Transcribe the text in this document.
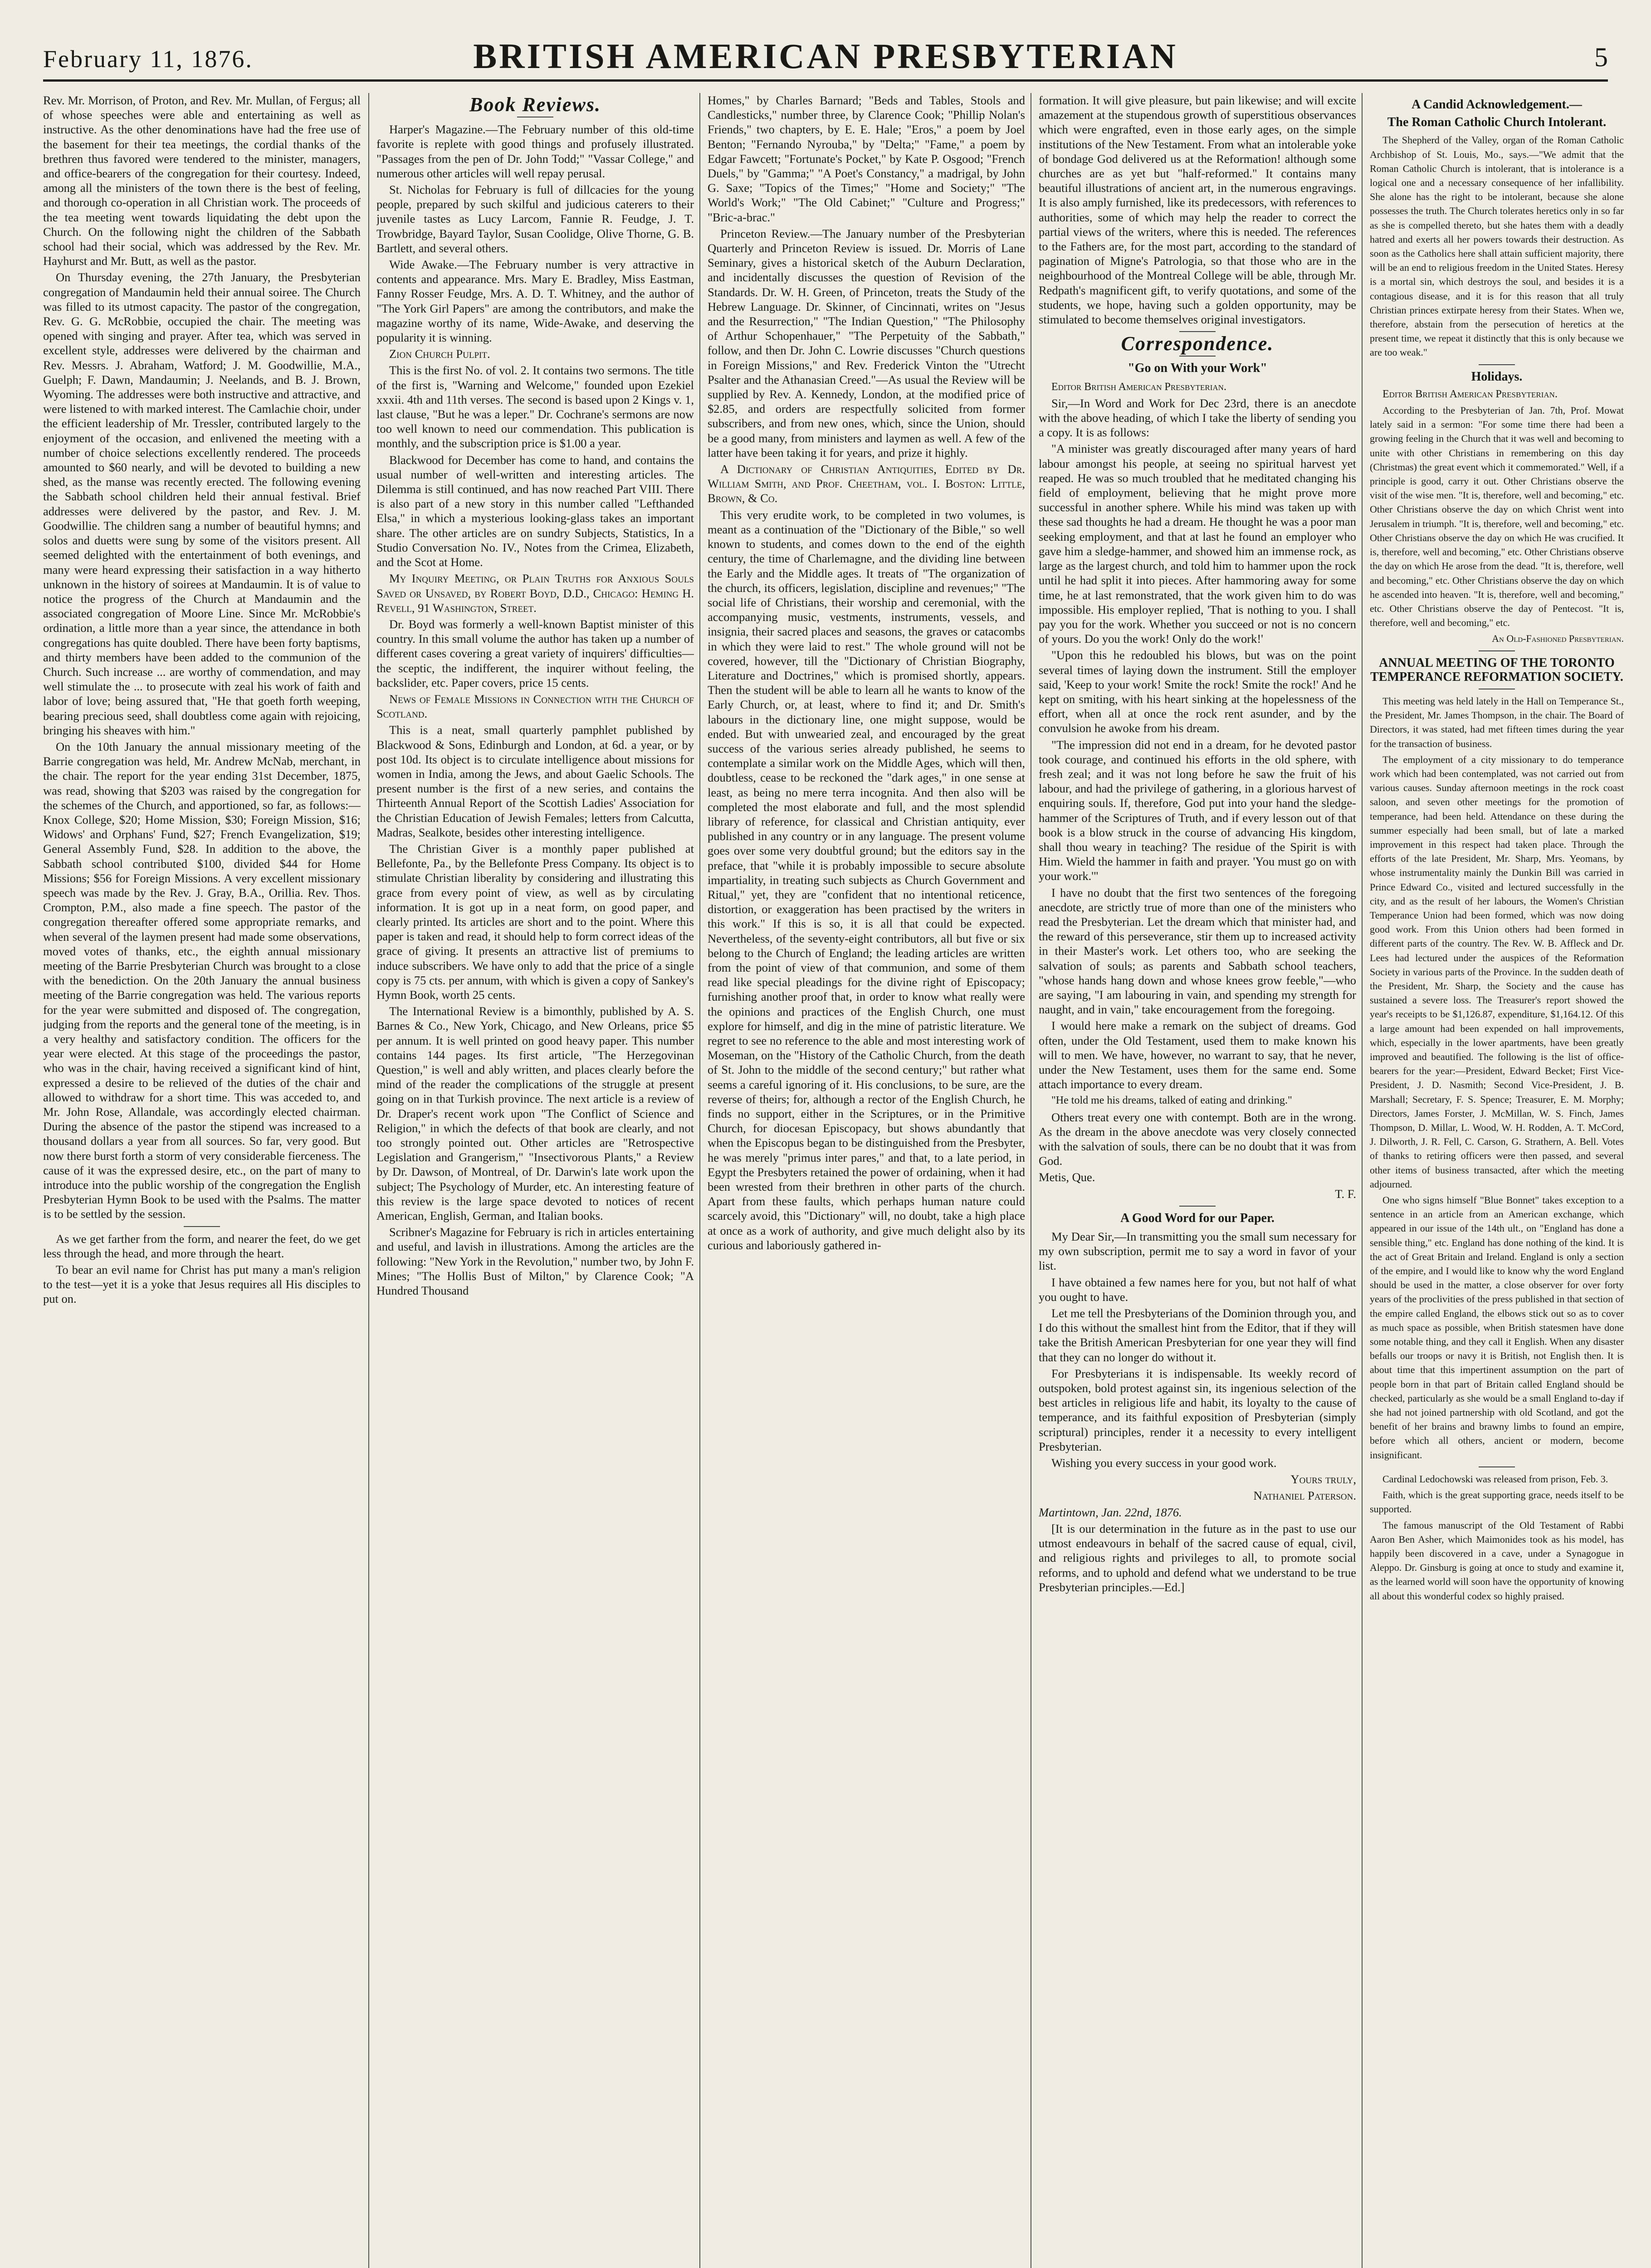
February 11, 1876.	BRITISH AMERICAN PRESBYTERIAN	5

Rev. Mr. Morrison, of Proton, and Rev. Mr. Mullan, of Fergus; all of whose speeches were able and entertaining as well as instructive. As the other denominations have had the free use of the basement for their tea meetings, the cordial thanks of the brethren thus favored were tendered to the minister, managers, and office-bearers of the congregation for their courtesy. Indeed, among all the ministers of the town there is the best of feeling, and thorough co-operation in all Christian work. The proceeds of the tea meeting went towards liquidating the debt upon the Church. On the following night the children of the Sabbath school had their social, which was addressed by the Rev. Mr. Hayhurst and Mr. Butt, as well as the pastor.

On Thursday evening, the 27th January, the Presbyterian congregation of Mandaumin held their annual soiree. The Church was filled to its utmost capacity. The pastor of the congregation, Rev. G. G. McRobbie, occupied the chair. The meeting was opened with singing and prayer. After tea, which was served in excellent style, addresses were delivered by the chairman and Rev. Messrs. J. Abraham, Watford; J. M. Goodwillie, M.A., Guelph; F. Dawn, Mandaumin; J. Neelands, and B. J. Brown, Wyoming. The addresses were both instructive and attractive, and were listened to with marked interest. The Camlachie choir, under the efficient leadership of Mr. Tressler, contributed largely to the enjoyment of the occasion, and enlivened the meeting with a number of choice selections excellently rendered. The proceeds amounted to $60 nearly, and will be devoted to building a new shed, as the manse was recently erected. The following evening the Sabbath school children held their annual festival. Brief addresses were delivered by the pastor, and Rev. J. M. Goodwillie. The children sang a number of beautiful hymns; and solos and duetts were sung by some of the visitors present. All seemed delighted with the entertainment of both evenings, and many were heard expressing their satisfaction in a way hitherto unknown in the history of soirees at Mandaumin. It is of value to notice the progress of the Church at Mandaumin and the associated congregation of Moore Line. Since Mr. McRobbie's ordination, a little more than a year since, the attendance in both congregations has quite doubled. There have been forty baptisms, and thirty members have been added to the communion of the Church. Such increase ... are worthy of commendation, and may well stimulate the ... to prosecute with zeal his work of faith and labor of love; being assured that, "He that goeth forth weeping, bearing precious seed, shall doubtless come again with rejoicing, bringing his sheaves with him."

On the 10th January the annual missionary meeting of the Barrie congregation was held, Mr. Andrew McNab, merchant, in the chair. The report for the year ending 31st December, 1875, was read, showing that $203 was raised by the congregation for the schemes of the Church, and apportioned, so far, as follows:—Knox College, $20; Home Mission, $30; Foreign Mission, $16; Widows' and Orphans' Fund, $27; French Evangelization, $19; General Assembly Fund, $28. In addition to the above, the Sabbath school contributed $100, divided $44 for Home Missions; $56 for Foreign Missions. A very excellent missionary speech was made by the Rev. J. Gray, B.A., Orillia. Rev. Thos. Crompton, P.M., also made a fine speech. The pastor of the congregation thereafter offered some appropriate remarks, and when several of the laymen present had made some observations, moved votes of thanks, etc., the eighth annual missionary meeting of the Barrie Presbyterian Church was brought to a close with the benediction. On the 20th January the annual business meeting of the Barrie congregation was held. The various reports for the year were submitted and disposed of. The congregation, judging from the reports and the general tone of the meeting, is in a very healthy and satisfactory condition. The officers for the year were elected. At this stage of the proceedings the pastor, who was in the chair, having received a significant kind of hint, expressed a desire to be relieved of the duties of the chair and allowed to withdraw for a short time. This was acceded to, and Mr. John Rose, Allandale, was accordingly elected chairman. During the absence of the pastor the stipend was increased to a thousand dollars a year from all sources. So far, very good. But now there burst forth a storm of very considerable fierceness. The cause of it was the expressed desire, etc., on the part of many to introduce into the public worship of the congregation the English Presbyterian Hymn Book to be used with the Psalms. The matter is to be settled by the session.

As we get farther from the form, and nearer the feet, do we get less through the head, and more through the heart.

To bear an evil name for Christ has put many a man's religion to the test—yet it is a yoke that Jesus requires all His disciples to put on.

Book Reviews.

Harper's Magazine.—The February number of this old-time favorite is replete with good things and profusely illustrated. "Passages from the pen of Dr. John Todd;" "Vassar College," and numerous other articles will well repay perusal.

St. Nicholas for February is full of dillcacies for the young people, prepared by such skilful and judicious caterers to their juvenile tastes as Lucy Larcom, Fannie R. Feudge, J. T. Trowbridge, Bayard Taylor, Susan Coolidge, Olive Thorne, G. B. Bartlett, and several others.

Wide Awake.—The February number is very attractive in contents and appearance. Mrs. Mary E. Bradley, Miss Eastman, Fanny Rosser Feudge, Mrs. A. D. T. Whitney, and the author of "The York Girl Papers" are among the contributors, and make the magazine worthy of its name, Wide-Awake, and deserving the popularity it is winning.

Zion Church Pulpit.

This is the first No. of vol. 2. It contains two sermons. The title of the first is, "Warning and Welcome," founded upon Ezekiel xxxii. 4th and 11th verses. The second is based upon 2 Kings v. 1, last clause, "But he was a leper." Dr. Cochrane's sermons are now too well known to need our commendation. This publication is monthly, and the subscription price is $1.00 a year.

Blackwood for December has come to hand, and contains the usual number of well-written and interesting articles. The Dilemma is still continued, and has now reached Part VIII. There is also part of a new story in this number called "Lefthanded Elsa," in which a mysterious looking-glass takes an important share. The other articles are on sundry Subjects, Statistics, In a Studio Conversation No. IV., Notes from the Crimea, Elizabeth, and the Scot at Home.

My Inquiry Meeting, or Plain Truths for Anxious Souls Saved or Unsaved, by Robert Boyd, D.D., Chicago: Heming H. Revell, 91 Washington, Street.

Dr. Boyd was formerly a well-known Baptist minister of this country. In this small volume the author has taken up a number of different cases covering a great variety of inquirers' difficulties—the sceptic, the indifferent, the inquirer without feeling, the backslider, etc. Paper covers, price 15 cents.

News of Female Missions in Connection with the Church of Scotland.

This is a neat, small quarterly pamphlet published by Blackwood & Sons, Edinburgh and London, at 6d. a year, or by post 10d. Its object is to circulate intelligence about missions for women in India, among the Jews, and about Gaelic Schools. The present number is the first of a new series, and contains the Thirteenth Annual Report of the Scottish Ladies' Association for the Christian Education of Jewish Females; letters from Calcutta, Madras, Sealkote, besides other interesting intelligence.

The Christian Giver is a monthly paper published at Bellefonte, Pa., by the Bellefonte Press Company. Its object is to stimulate Christian liberality by considering and illustrating this grace from every point of view, as well as by circulating information. It is got up in a neat form, on good paper, and clearly printed. Its articles are short and to the point. Where this paper is taken and read, it should help to form correct ideas of the grace of giving. It presents an attractive list of premiums to induce subscribers. We have only to add that the price of a single copy is 75 cts. per annum, with which is given a copy of Sankey's Hymn Book, worth 25 cents.

The International Review is a bimonthly, published by A. S. Barnes & Co., New York, Chicago, and New Orleans, price $5 per annum. It is well printed on good heavy paper. This number contains 144 pages. Its first article, "The Herzegovinan Question," is well and ably written, and places clearly before the mind of the reader the complications of the struggle at present going on in that Turkish province. The next article is a review of Dr. Draper's recent work upon "The Conflict of Science and Religion," in which the defects of that book are clearly, and not too strongly pointed out. Other articles are "Retrospective Legislation and Grangerism," "Insectivorous Plants," a Review by Dr. Dawson, of Montreal, of Dr. Darwin's late work upon the subject; The Psychology of Murder, etc. An interesting feature of this review is the large space devoted to notices of recent American, English, German, and Italian books.

Scribner's Magazine for February is rich in articles entertaining and useful, and lavish in illustrations. Among the articles are the following: "New York in the Revolution," number two, by John F. Mines; "The Hollis Bust of Milton," by Clarence Cook; "A Hundred Thousand

Homes," by Charles Barnard; "Beds and Tables, Stools and Candlesticks," number three, by Clarence Cook; "Phillip Nolan's Friends," two chapters, by E. E. Hale; "Eros," a poem by Joel Benton; "Fernando Nyrouba," by "Delta;" "Fame," a poem by Edgar Fawcett; "Fortunate's Pocket," by Kate P. Osgood; "French Duels," by "Gamma;" "A Poet's Constancy," a madrigal, by John G. Saxe; "Topics of the Times;" "Home and Society;" "The World's Work;" "The Old Cabinet;" "Culture and Progress;" "Bric-a-brac."

Princeton Review.—The January number of the Presbyterian Quarterly and Princeton Review is issued. Dr. Morris of Lane Seminary, gives a historical sketch of the Auburn Declaration, and incidentally discusses the question of Revision of the Standards. Dr. W. H. Green, of Princeton, treats the Study of the Hebrew Language. Dr. Skinner, of Cincinnati, writes on "Jesus and the Resurrection," "The Indian Question," "The Philosophy of Arthur Schopenhauer," "The Perpetuity of the Sabbath," follow, and then Dr. John C. Lowrie discusses "Church questions in Foreign Missions," and Rev. Frederick Vinton the "Utrecht Psalter and the Athanasian Creed."—As usual the Review will be supplied by Rev. A. Kennedy, London, at the modified price of $2.85, and orders are respectfully solicited from former subscribers, and from new ones, which, since the Union, should be a good many, from ministers and laymen as well. A few of the latter have been taking it for years, and prize it highly.

A Dictionary of Christian Antiquities, Edited by Dr. William Smith, and Prof. Cheetham, vol. I. Boston: Little, Brown, & Co.

This very erudite work, to be completed in two volumes, is meant as a continuation of the "Dictionary of the Bible," so well known to students, and comes down to the end of the eighth century, the time of Charlemagne, and the dividing line between the Early and the Middle ages. It treats of "The organization of the church, its officers, legislation, discipline and revenues;" "The social life of Christians, their worship and ceremonial, with the accompanying music, vestments, instruments, vessels, and insignia, their sacred places and seasons, the graves or catacombs in which they were laid to rest." The whole ground will not be covered, however, till the "Dictionary of Christian Biography, Literature and Doctrines," which is promised shortly, appears. Then the student will be able to learn all he wants to know of the Early Church, or, at least, where to find it; and Dr. Smith's labours in the dictionary line, one might suppose, would be ended. But with unwearied zeal, and encouraged by the great success of the various series already published, he seems to contemplate a similar work on the Middle Ages, which will then, doubtless, cease to be reckoned the "dark ages," in one sense at least, as being no mere terra incognita. And then also will be completed the most elaborate and full, and the most splendid library of reference, for classical and Christian antiquity, ever published in any country or in any language. The present volume goes over some very doubtful ground; but the editors say in the preface, that "while it is probably impossible to secure absolute impartiality, in treating such subjects as Church Government and Ritual," yet, they are "confident that no intentional reticence, distortion, or exaggeration has been practised by the writers in this work." If this is so, it is all that could be expected. Nevertheless, of the seventy-eight contributors, all but five or six belong to the Church of England; the leading articles are written from the point of view of that communion, and some of them read like special pleadings for the divine right of Episcopacy; furnishing another proof that, in order to know what really were the opinions and practices of the English Church, one must explore for himself, and dig in the mine of patristic literature. We regret to see no reference to the able and most interesting work of Moseman, on the "History of the Catholic Church, from the death of St. John to the middle of the second century;" but rather what seems a careful ignoring of it. His conclusions, to be sure, are the reverse of theirs; for, although a rector of the English Church, he finds no support, either in the Scriptures, or in the Primitive Church, for diocesan Episcopacy, but shows abundantly that when the Episcopus began to be distinguished from the Presbyter, he was merely "primus inter pares," and that, to a late period, in Egypt the Presbyters retained the power of ordaining, when it had been wrested from their brethren in other parts of the church. Apart from these faults, which perhaps human nature could scarcely avoid, this "Dictionary" will, no doubt, take a high place at once as a work of authority, and give much delight also by its curious and laboriously gathered in-

formation. It will give pleasure, but pain likewise; and will excite amazement at the stupendous growth of superstitious observances which were engrafted, even in those early ages, on the simple institutions of the New Testament. From what an intolerable yoke of bondage God delivered us at the Reformation! although some churches are as yet but "half-reformed." It contains many beautiful illustrations of ancient art, in the numerous engravings. It is also amply furnished, like its predecessors, with references to authorities, some of which may help the reader to correct the partial views of the writers, where this is needed. The references to the Fathers are, for the most part, according to the standard of pagination of Migne's Patrologia, so that those who are in the neighbourhood of the Montreal College will be able, through Mr. Redpath's magnificent gift, to verify quotations, and some of the students, we hope, having such a golden opportunity, may be stimulated to become themselves original investigators.

Correspondence.
"Go on With your Work"

Editor British American Presbyterian.

Sir,—In Word and Work for Dec 23rd, there is an anecdote with the above heading, of which I take the liberty of sending you a copy. It is as follows:

"A minister was greatly discouraged after many years of hard labour amongst his people, at seeing no spiritual harvest yet reaped. He was so much troubled that he meditated changing his field of employment, believing that he might prove more successful in another sphere. While his mind was taken up with these sad thoughts he had a dream. He thought he was a poor man seeking employment, and that at last he found an employer who gave him a sledge-hammer, and showed him an immense rock, as large as the largest church, and told him to hammer upon the rock until he had split it into pieces. After hammoring away for some time, he at last remonstrated, that the work given him to do was impossible. His employer replied, 'That is nothing to you. I shall pay you for the work. Whether you succeed or not is no concern of yours. Do you the work! Only do the work!'

"Upon this he redoubled his blows, but was on the point several times of laying down the instrument. Still the employer said, 'Keep to your work! Smite the rock! Smite the rock!' And he kept on smiting, with his heart sinking at the hopelessness of the effort, when all at once the rock rent asunder, and by the convulsion he awoke from his dream.

"The impression did not end in a dream, for he devoted pastor took courage, and continued his efforts in the old sphere, with fresh zeal; and it was not long before he saw the fruit of his labour, and had the privilege of gathering, in a glorious harvest of enquiring souls. If, therefore, God put into your hand the sledge-hammer of the Scriptures of Truth, and if every lesson out of that book is a blow struck in the course of advancing His kingdom, shall thou weary in teaching? The residue of the Spirit is with Him. Wield the hammer in faith and prayer. 'You must go on with your work.'"

I have no doubt that the first two sentences of the foregoing anecdote, are strictly true of more than one of the ministers who read the Presbyterian. Let the dream which that minister had, and the reward of this perseverance, stir them up to increased activity in their Master's work. Let others too, who are seeking the salvation of souls; as parents and Sabbath school teachers, "whose hands hang down and whose knees grow feeble,"—who are saying, "I am labouring in vain, and spending my strength for naught, and in vain," take encouragement from the foregoing.

I would here make a remark on the subject of dreams. God often, under the Old Testament, used them to make known his will to men. We have, however, no warrant to say, that he never, under the New Testament, uses them for the same end. Some attach importance to every dream.

"He told me his dreams, talked of eating and drinking."

Others treat every one with contempt. Both are in the wrong. As the dream in the above anecdote was very closely connected with the salvation of souls, there can be no doubt that it was from God.

Metis, Que.

T. F.

A Good Word for our Paper.

My Dear Sir,—In transmitting you the small sum necessary for my own subscription, permit me to say a word in favor of your list.

I have obtained a few names here for you, but not half of what you ought to have.

Let me tell the Presbyterians of the Dominion through you, and I do this without the smallest hint from the Editor, that if they will take the British American Presbyterian for one year they will find that they can no longer do without it.

For Presbyterians it is indispensable. Its weekly record of outspoken, bold protest against sin, its ingenious selection of the best articles in religious life and habit, its loyalty to the cause of temperance, and its faithful exposition of Presbyterian (simply scriptural) principles, render it a necessity to every intelligent Presbyterian.

Wishing you every success in your good work.

Yours truly,

Nathaniel Paterson.

Martintown, Jan. 22nd, 1876.

[It is our determination in the future as in the past to use our utmost endeavours in behalf of the sacred cause of equal, civil, and religious rights and privileges to all, to promote social reforms, and to uphold and defend what we understand to be true Presbyterian principles.—Ed.]

A Candid Acknowledgement.—
The Roman Catholic Church Intolerant.

The Shepherd of the Valley, organ of the Roman Catholic Archbishop of St. Louis, Mo., says.—"We admit that the Roman Catholic Church is intolerant, that is intolerance is a logical one and a necessary consequence of her infallibility. She alone has the right to be intolerant, because she alone possesses the truth. The Church tolerates heretics only in so far as she is compelled thereto, but she hates them with a deadly hatred and exerts all her powers towards their destruction. As soon as the Catholics here shall attain sufficient majority, there will be an end to religious freedom in the United States. Heresy is a mortal sin, which destroys the soul, and besides it is a contagious disease, and it is for this reason that all truly Christian princes extirpate heresy from their States. When we, therefore, abstain from the persecution of heretics at the present time, we repeat it distinctly that this is only because we are too weak."

Holidays.

Editor British American Presbyterian.

According to the Presbyterian of Jan. 7th, Prof. Mowat lately said in a sermon: "For some time there had been a growing feeling in the Church that it was well and becoming to unite with other Christians in remembering on this day (Christmas) the great event which it commemorated." Well, if a principle is good, carry it out. Other Christians observe the visit of the wise men. "It is, therefore, well and becoming," etc. Other Christians observe the day on which Christ went into Jerusalem in triumph. "It is, therefore, well and becoming," etc. Other Christians observe the day on which He was crucified. It is, therefore, well and becoming," etc. Other Christians observe the day on which He arose from the dead. "It is, therefore, well and becoming," etc. Other Christians observe the day on which he ascended into heaven. "It is, therefore, well and becoming," etc. Other Christians observe the day of Pentecost. "It is, therefore, well and becoming," etc.

An Old-Fashioned Presbyterian.

ANNUAL MEETING OF THE TORONTO TEMPERANCE REFORMATION SOCIETY.

This meeting was held lately in the Hall on Temperance St., the President, Mr. James Thompson, in the chair. The Board of Directors, it was stated, had met fifteen times during the year for the transaction of business.

The employment of a city missionary to do temperance work which had been contemplated, was not carried out from various causes. Sunday afternoon meetings in the rock coast saloon, and seven other meetings for the promotion of temperance, had been held. Attendance on these during the summer especially had been small, but of late a marked improvement in this respect had taken place. Through the efforts of the late President, Mr. Sharp, Mrs. Yeomans, by whose instrumentality mainly the Dunkin Bill was carried in Prince Edward Co., visited and lectured successfully in the city, and as the result of her labours, the Women's Christian Temperance Union had been formed, which was now doing good work. From this Union others had been formed in different parts of the country. The Rev. W. B. Affleck and Dr. Lees had lectured under the auspices of the Reformation Society in various parts of the Province. In the sudden death of the President, Mr. Sharp, the Society and the cause has sustained a severe loss. The Treasurer's report showed the year's receipts to be $1,126.87, expenditure, $1,164.12. Of this a large amount had been expended on hall improvements, which, especially in the lower apartments, have been greatly improved and beautified. The following is the list of office-bearers for the year:—President, Edward Becket; First Vice-President, J. D. Nasmith; Second Vice-President, J. B. Marshall; Secretary, F. S. Spence; Treasurer, E. M. Morphy; Directors, James Forster, J. McMillan, W. S. Finch, James Thompson, D. Millar, L. Wood, W. H. Rodden, A. T. McCord, J. Dilworth, J. R. Fell, C. Carson, G. Strathern, A. Bell. Votes of thanks to retiring officers were then passed, and several other items of business transacted, after which the meeting adjourned.

One who signs himself "Blue Bonnet" takes exception to a sentence in an article from an American exchange, which appeared in our issue of the 14th ult., on "England has done a sensible thing," etc. England has done nothing of the kind. It is the act of Great Britain and Ireland. England is only a section of the empire, and I would like to know why the word England should be used in the matter, a close observer for over forty years of the proclivities of the press published in that section of the empire called England, the elbows stick out so as to cover as much space as possible, when British statesmen have done some notable thing, and they call it English. When any disaster befalls our troops or navy it is British, not English then. It is about time that this impertinent assumption on the part of people born in that part of Britain called England should be checked, particularly as she would be a small England to-day if she had not joined partnership with old Scotland, and got the benefit of her brains and brawny limbs to found an empire, before which all others, ancient or modern, become insignificant.

Cardinal Ledochowski was released from prison, Feb. 3.

Faith, which is the great supporting grace, needs itself to be supported.

The famous manuscript of the Old Testament of Rabbi Aaron Ben Asher, which Maimonides took as his model, has happily been discovered in a cave, under a Synagogue in Aleppo. Dr. Ginsburg is going at once to study and examine it, as the learned world will soon have the opportunity of knowing all about this wonderful codex so highly praised.
